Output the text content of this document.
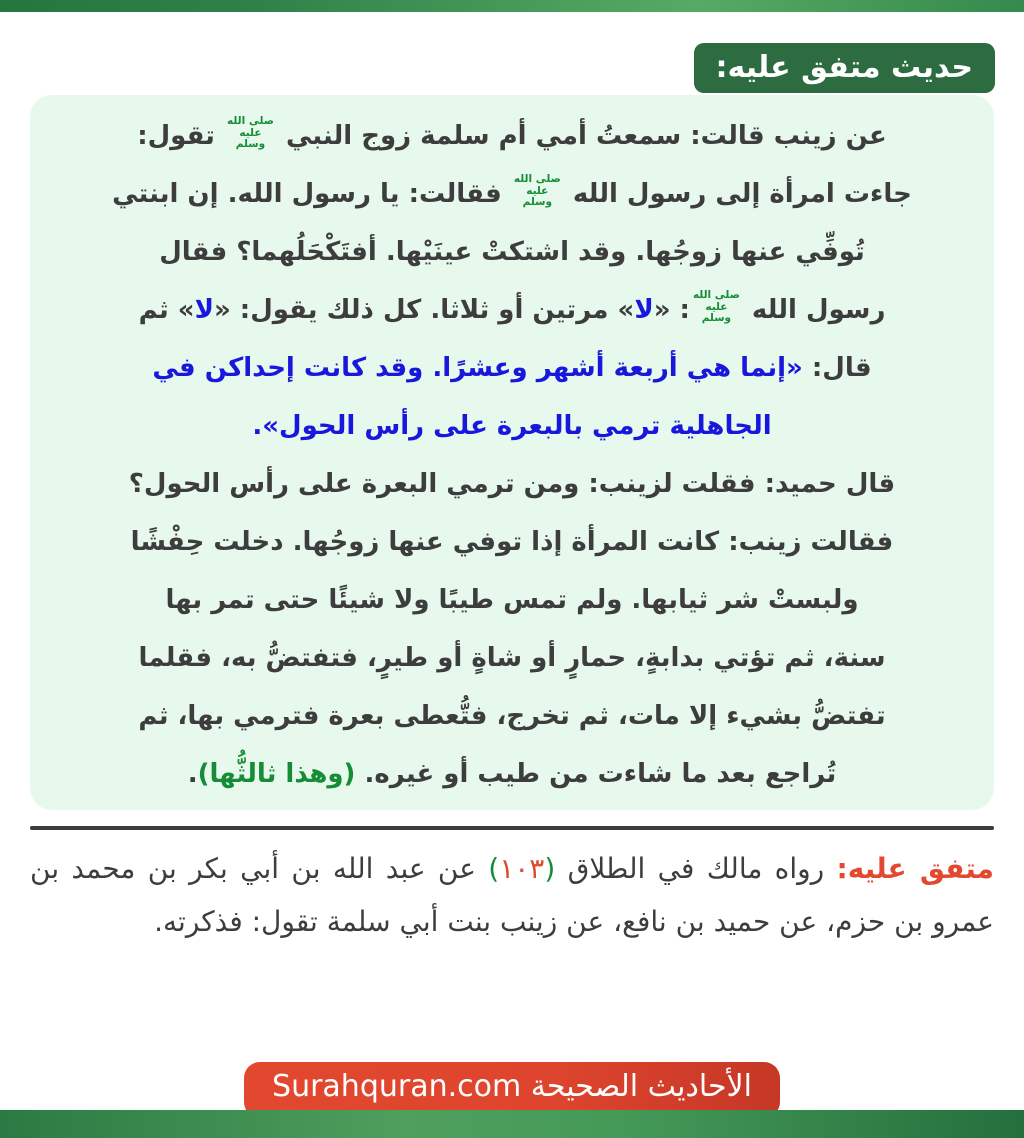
حديث متفق عليه:
عن زينب قالت: سمعتُ أمي أم سلمة زوج النبي صلى الله
عليه
وسلم تقول:
جاءت امرأة إلى رسول الله صلى الله
عليه
وسلم فقالت: يا رسول الله. إن ابنتي
تُوفِّي عنها زوجُها. وقد اشتكتْ عينَيْها. أفتَكْحَلُهما؟ فقال
رسول الله صلى الله
عليه
وسلم: «لا» مرتين أو ثلاثا. كل ذلك يقول: «لا» ثم
قال: «إنما هي أربعة أشهر وعشرًا. وقد كانت إحداكن في
الجاهلية ترمي بالبعرة على رأس الحول».
قال حميد: فقلت لزينب: ومن ترمي البعرة على رأس الحول؟
فقالت زينب: كانت المرأة إذا توفي عنها زوجُها. دخلت حِفْشًا
ولبستْ شر ثيابها. ولم تمس طيبًا ولا شيئًا حتى تمر بها
سنة، ثم تؤتي بدابةٍ، حمارٍ أو شاةٍ أو طيرٍ، فتفتضُّ به، فقلما
تفتضُّ بشيء إلا مات، ثم تخرج، فتُّعطى بعرة فترمي بها، ثم
تُراجع بعد ما شاءت من طيب أو غيره. (وهذا ثالثُّها).

متفق عليه: رواه مالك في الطلاق (١٠٣) عن عبد الله بن أبي بكر بن محمد بن عمرو بن حزم، عن حميد بن نافع، عن زينب بنت أبي سلمة تقول: فذكرته.

الأحاديث الصحيحة Surahquran.com
